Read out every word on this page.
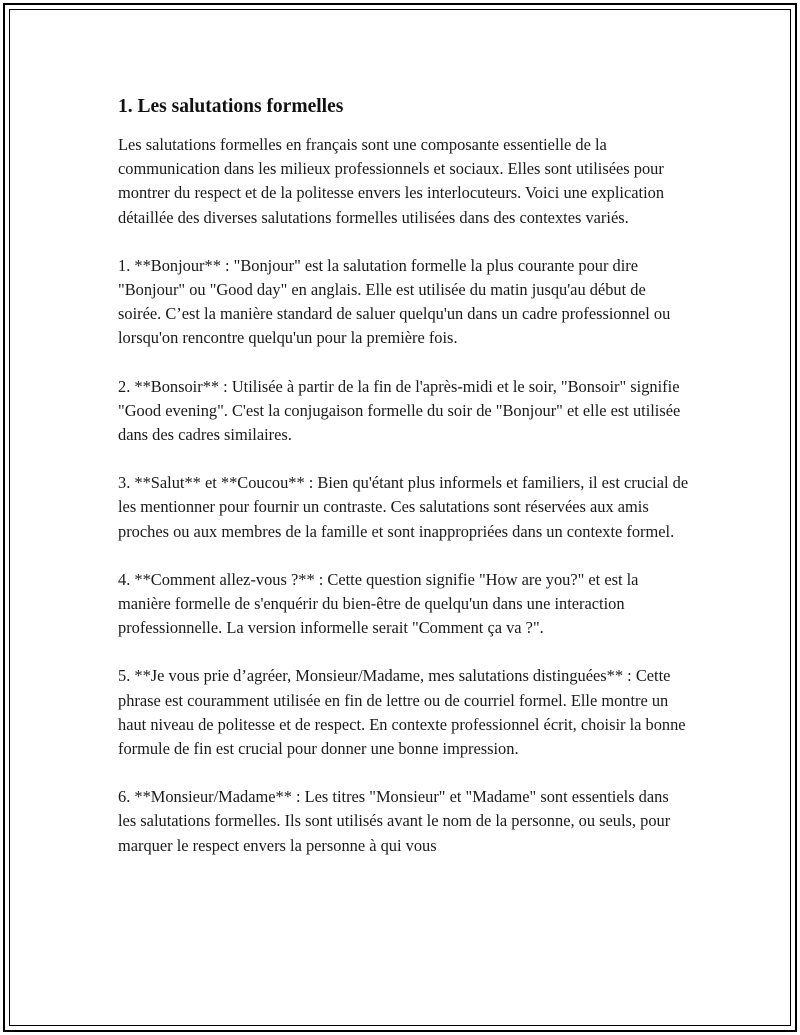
1. Les salutations formelles

Les salutations formelles en français sont une composante essentielle de la communication dans les milieux professionnels et sociaux. Elles sont utilisées pour montrer du respect et de la politesse envers les interlocuteurs. Voici une explication détaillée des diverses salutations formelles utilisées dans des contextes variés.

1. **Bonjour** : "Bonjour" est la salutation formelle la plus courante pour dire "Bonjour" ou "Good day" en anglais. Elle est utilisée du matin jusqu'au début de soirée. C’est la manière standard de saluer quelqu'un dans un cadre professionnel ou lorsqu'on rencontre quelqu'un pour la première fois.

2. **Bonsoir** : Utilisée à partir de la fin de l'après-midi et le soir, "Bonsoir" signifie "Good evening". C'est la conjugaison formelle du soir de "Bonjour" et elle est utilisée dans des cadres similaires.

3. **Salut** et **Coucou** : Bien qu'étant plus informels et familiers, il est crucial de les mentionner pour fournir un contraste. Ces salutations sont réservées aux amis proches ou aux membres de la famille et sont inappropriées dans un contexte formel.

4. **Comment allez-vous ?** : Cette question signifie "How are you?" et est la manière formelle de s'enquérir du bien-être de quelqu'un dans une interaction professionnelle. La version informelle serait "Comment ça va ?".

5. **Je vous prie d’agréer, Monsieur/Madame, mes salutations distinguées** : Cette phrase est couramment utilisée en fin de lettre ou de courriel formel. Elle montre un haut niveau de politesse et de respect. En contexte professionnel écrit, choisir la bonne formule de fin est crucial pour donner une bonne impression.

6. **Monsieur/Madame** : Les titres "Monsieur" et "Madame" sont essentiels dans les salutations formelles. Ils sont utilisés avant le nom de la personne, ou seuls, pour marquer le respect envers la personne à qui vous
